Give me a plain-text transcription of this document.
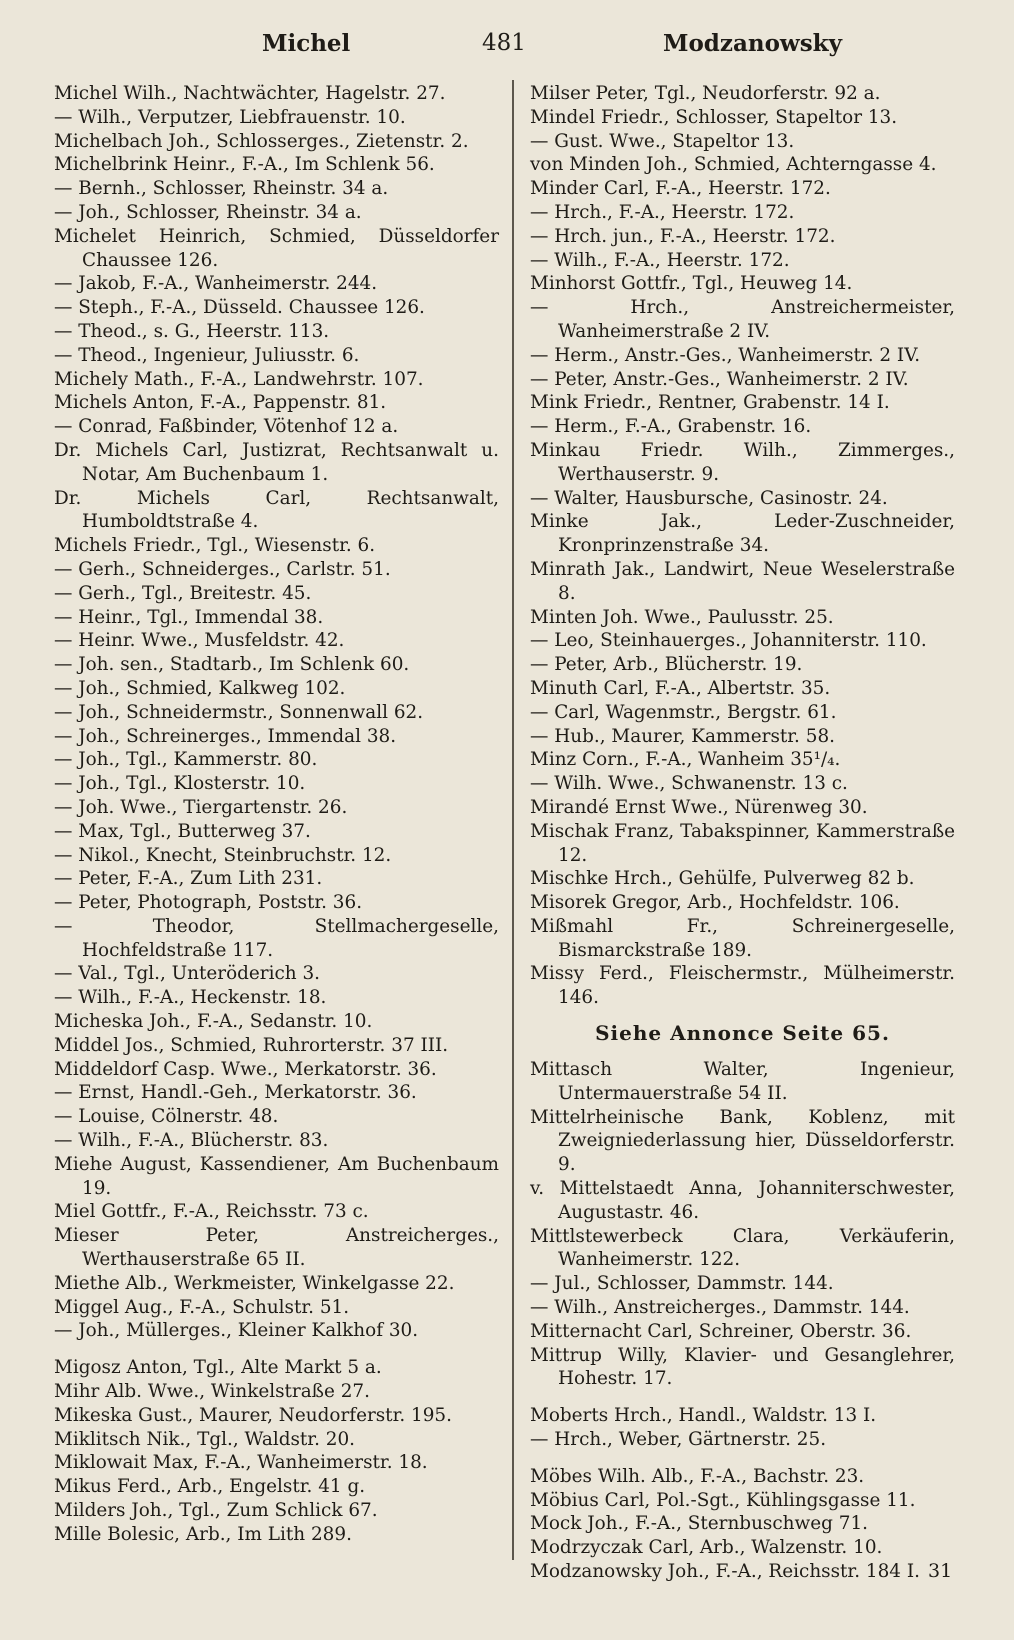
Michel	481	Modzanowsky

Michel Wilh., Nachtwächter, Hagelstr. 27.

— Wilh., Verputzer, Liebfrauenstr. 10.

Michelbach Joh., Schlosserges., Zietenstr. 2.

Michelbrink Heinr., F.-A., Im Schlenk 56.

— Bernh., Schlosser, Rheinstr. 34 a.

— Joh., Schlosser, Rheinstr. 34 a.

Michelet Heinrich, Schmied, Düsseldorfer Chaussee 126.

— Jakob, F.-A., Wanheimerstr. 244.

— Steph., F.-A., Düsseld. Chaussee 126.

— Theod., s. G., Heerstr. 113.

— Theod., Ingenieur, Juliusstr. 6.

Michely Math., F.-A., Landwehrstr. 107.

Michels Anton, F.-A., Pappenstr. 81.

— Conrad, Faßbinder, Vötenhof 12 a.

Dr. Michels Carl, Justizrat, Rechtsanwalt u. Notar, Am Buchenbaum 1.

Dr. Michels Carl, Rechtsanwalt, Humboldtstraße 4.

Michels Friedr., Tgl., Wiesenstr. 6.

— Gerh., Schneiderges., Carlstr. 51.

— Gerh., Tgl., Breitestr. 45.

— Heinr., Tgl., Immendal 38.

— Heinr. Wwe., Musfeldstr. 42.

— Joh. sen., Stadtarb., Im Schlenk 60.

— Joh., Schmied, Kalkweg 102.

— Joh., Schneidermstr., Sonnenwall 62.

— Joh., Schreinerges., Immendal 38.

— Joh., Tgl., Kammerstr. 80.

— Joh., Tgl., Klosterstr. 10.

— Joh. Wwe., Tiergartenstr. 26.

— Max, Tgl., Butterweg 37.

— Nikol., Knecht, Steinbruchstr. 12.

— Peter, F.-A., Zum Lith 231.

— Peter, Photograph, Poststr. 36.

— Theodor, Stellmachergeselle, Hochfeldstraße 117.

— Val., Tgl., Unteröderich 3.

— Wilh., F.-A., Heckenstr. 18.

Micheska Joh., F.-A., Sedanstr. 10.

Middel Jos., Schmied, Ruhrorterstr. 37 III.

Middeldorf Casp. Wwe., Merkatorstr. 36.

— Ernst, Handl.-Geh., Merkatorstr. 36.

— Louise, Cölnerstr. 48.

— Wilh., F.-A., Blücherstr. 83.

Miehe August, Kassendiener, Am Buchenbaum 19.

Miel Gottfr., F.-A., Reichsstr. 73 c.

Mieser Peter, Anstreicherges., Werthauserstraße 65 II.

Miethe Alb., Werkmeister, Winkelgasse 22.

Miggel Aug., F.-A., Schulstr. 51.

— Joh., Müllerges., Kleiner Kalkhof 30.

Migosz Anton, Tgl., Alte Markt 5 a.

Mihr Alb. Wwe., Winkelstraße 27.

Mikeska Gust., Maurer, Neudorferstr. 195.

Miklitsch Nik., Tgl., Waldstr. 20.

Miklowait Max, F.-A., Wanheimerstr. 18.

Mikus Ferd., Arb., Engelstr. 41 g.

Milders Joh., Tgl., Zum Schlick 67.

Mille Bolesic, Arb., Im Lith 289.

Milser Peter, Tgl., Neudorferstr. 92 a.

Mindel Friedr., Schlosser, Stapeltor 13.

— Gust. Wwe., Stapeltor 13.

von Minden Joh., Schmied, Achterngasse 4.

Minder Carl, F.-A., Heerstr. 172.

— Hrch., F.-A., Heerstr. 172.

— Hrch. jun., F.-A., Heerstr. 172.

— Wilh., F.-A., Heerstr. 172.

Minhorst Gottfr., Tgl., Heuweg 14.

— Hrch., Anstreichermeister, Wanheimerstraße 2 IV.

— Herm., Anstr.-Ges., Wanheimerstr. 2 IV.

— Peter, Anstr.-Ges., Wanheimerstr. 2 IV.

Mink Friedr., Rentner, Grabenstr. 14 I.

— Herm., F.-A., Grabenstr. 16.

Minkau Friedr. Wilh., Zimmerges., Werthauserstr. 9.

— Walter, Hausbursche, Casinostr. 24.

Minke Jak., Leder-Zuschneider, Kronprinzenstraße 34.

Minrath Jak., Landwirt, Neue Weselerstraße 8.

Minten Joh. Wwe., Paulusstr. 25.

— Leo, Steinhauerges., Johanniterstr. 110.

— Peter, Arb., Blücherstr. 19.

Minuth Carl, F.-A., Albertstr. 35.

— Carl, Wagenmstr., Bergstr. 61.

— Hub., Maurer, Kammerstr. 58.

Minz Corn., F.-A., Wanheim 35¹/₄.

— Wilh. Wwe., Schwanenstr. 13 c.

Mirandé Ernst Wwe., Nürenweg 30.

Mischak Franz, Tabakspinner, Kammerstraße 12.

Mischke Hrch., Gehülfe, Pulverweg 82 b.

Misorek Gregor, Arb., Hochfeldstr. 106.

Mißmahl Fr., Schreinergeselle, Bismarckstraße 189.

Missy Ferd., Fleischermstr., Mülheimerstr. 146.

Siehe Annonce Seite 65.

Mittasch Walter, Ingenieur, Untermauerstraße 54 II.

Mittelrheinische Bank, Koblenz, mit Zweigniederlassung hier, Düsseldorferstr. 9.

v. Mittelstaedt Anna, Johanniterschwester, Augustastr. 46.

Mittlstewerbeck Clara, Verkäuferin, Wanheimerstr. 122.

— Jul., Schlosser, Dammstr. 144.

— Wilh., Anstreicherges., Dammstr. 144.

Mitternacht Carl, Schreiner, Oberstr. 36.

Mittrup Willy, Klavier- und Gesanglehrer, Hohestr. 17.

Moberts Hrch., Handl., Waldstr. 13 I.

— Hrch., Weber, Gärtnerstr. 25.

Möbes Wilh. Alb., F.-A., Bachstr. 23.

Möbius Carl, Pol.-Sgt., Kühlingsgasse 11.

Mock Joh., F.-A., Sternbuschweg 71.

Modrzyczak Carl, Arb., Walzenstr. 10.

Modzanowsky Joh., F.-A., Reichsstr. 184 I. 31
